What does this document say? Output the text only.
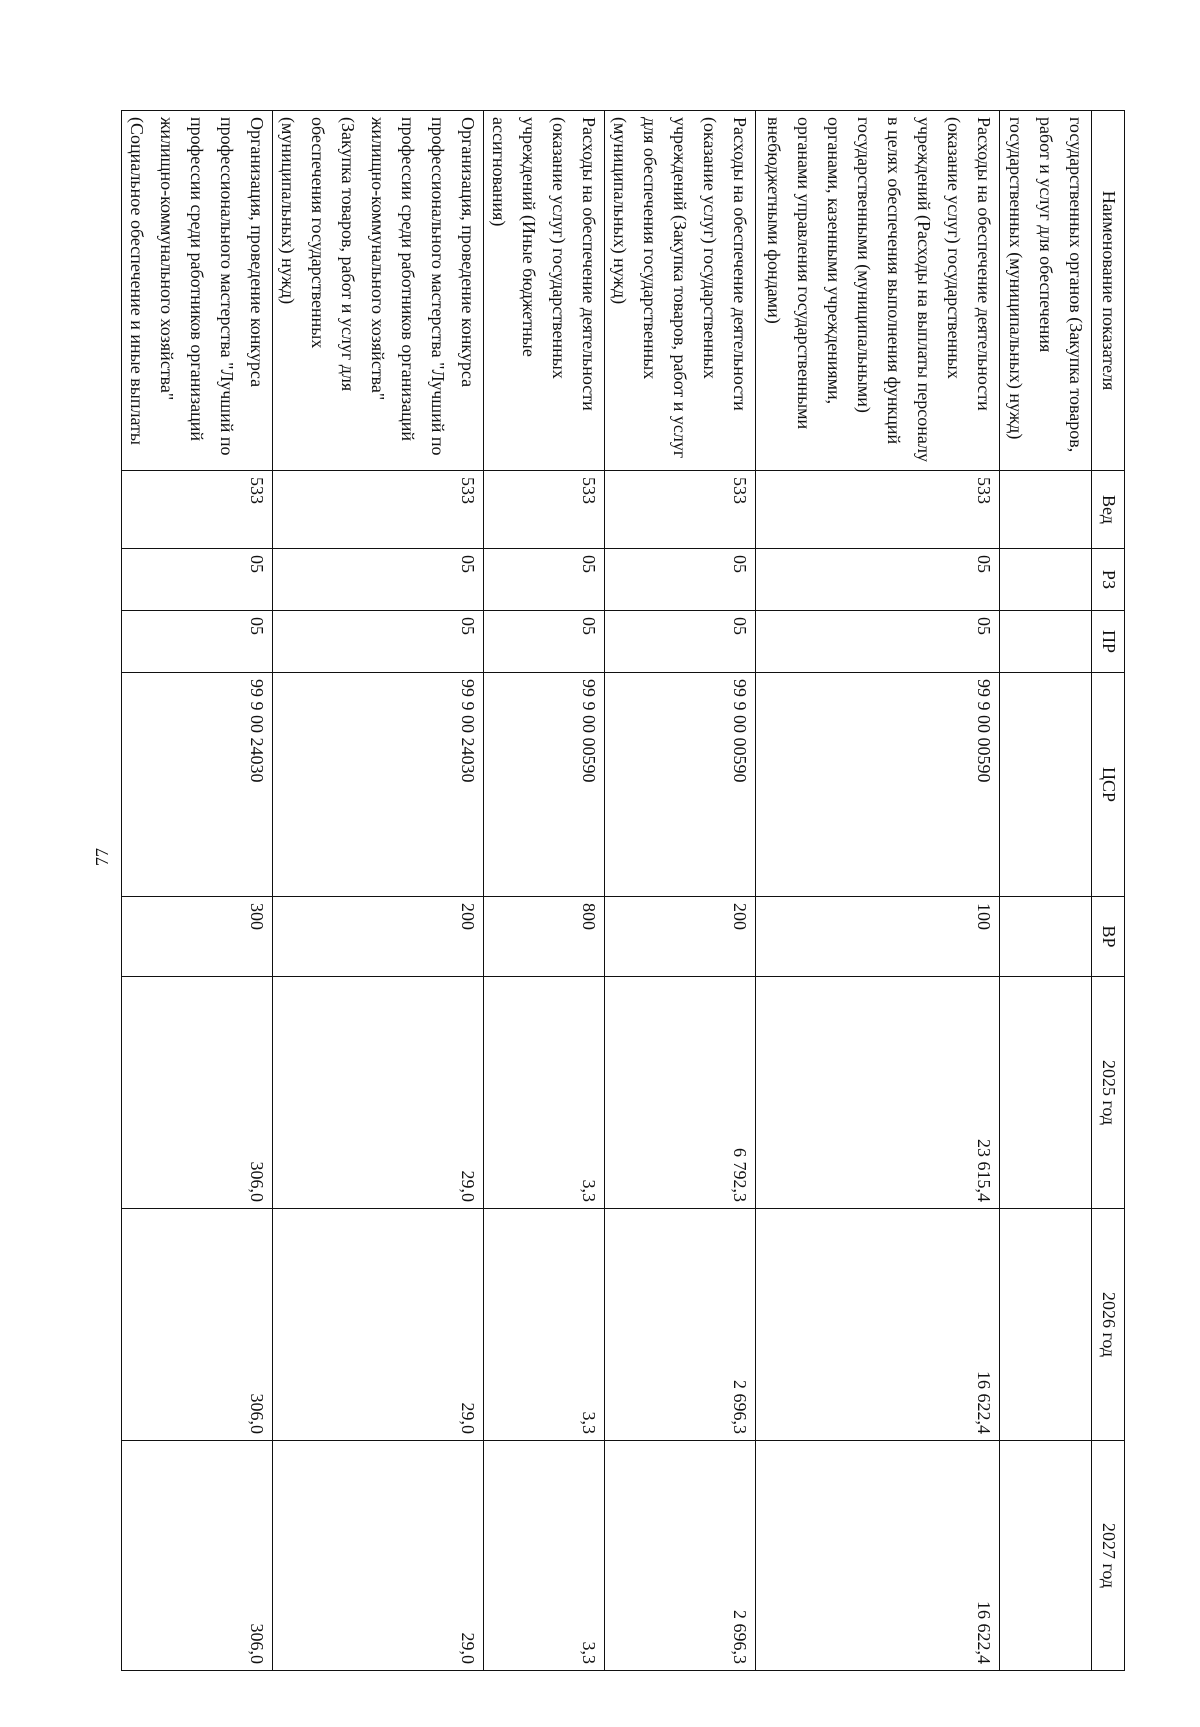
77
Наименование показателя	Вед	РЗ	ПР	ЦСР	ВР	2025 год	2026 год	2027 год
государственных органов (Закупка товаров, работ и услуг для обеспечения государственных (муниципальных) нужд)								
Расходы на обеспечение деятельности (оказание услуг) государственных учреждений (Расходы на выплаты персоналу в целях обеспечения выполнения функций государственными (муниципальными) органами, казенными учреждениями, органами управления государственными внебюджетными фондами)	533	05	05	99 9 00 00590	100	23 615,4	16 622,4	16 622,4
Расходы на обеспечение деятельности (оказание услуг) государственных учреждений (Закупка товаров, работ и услуг для обеспечения государственных (муниципальных) нужд)	533	05	05	99 9 00 00590	200	6 792,3	2 696,3	2 696,3
Расходы на обеспечение деятельности (оказание услуг) государственных учреждений (Иные бюджетные ассигнования)	533	05	05	99 9 00 00590	800	3,3	3,3	3,3
Организация, проведение конкурса профессионального мастерства "Лучший по профессии среди работников организаций жилищно-коммунального хозяйства" (Закупка товаров, работ и услуг для обеспечения государственных (муниципальных) нужд)	533	05	05	99 9 00 24030	200	29,0	29,0	29,0
Организация, проведение конкурса профессионального мастерства "Лучший по профессии среди работников организаций жилищно-коммунального хозяйства" (Социальное обеспечение и иные выплаты	533	05	05	99 9 00 24030	300	306,0	306,0	306,0
